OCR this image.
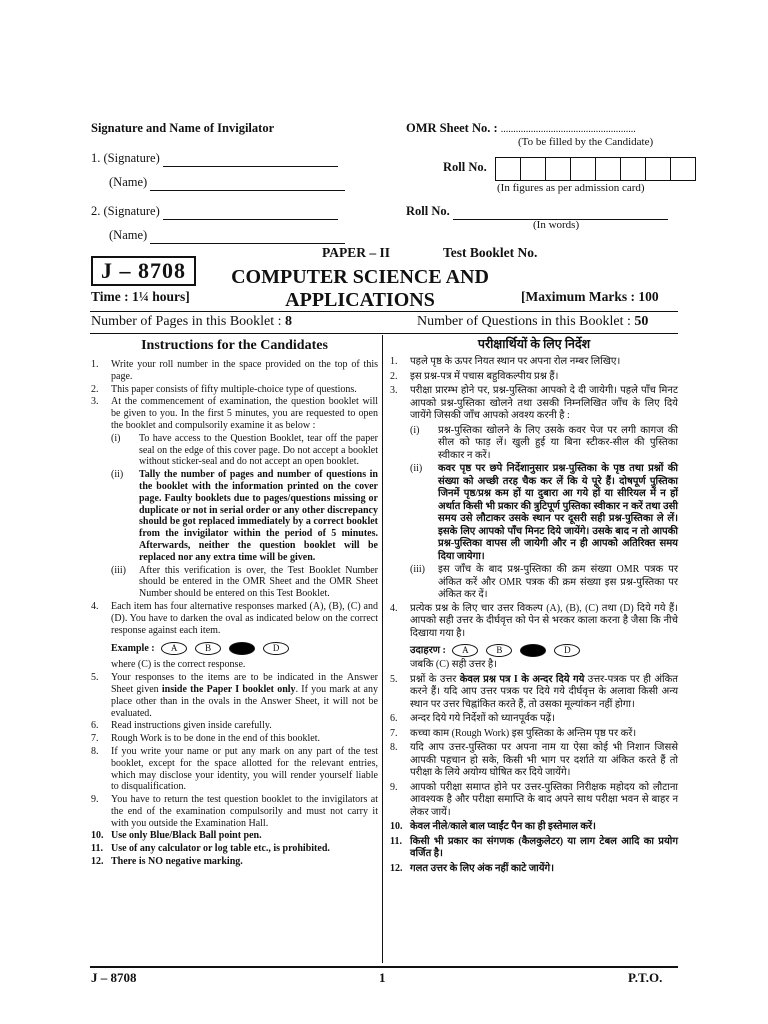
Signature and Name of Invigilator
1. (Signature)
(Name)
2. (Signature)
(Name)
OMR Sheet No. : ......................................................
(To be filled by the Candidate)
Roll No.
(In figures as per admission card)
Roll No.
(In words)
PAPER – II	Test Booklet No.
J – 8708	COMPUTER SCIENCE AND
APPLICATIONS
Time : 1¼ hours]	[Maximum Marks : 100
Number of Pages in this Booklet : 8	Number of Questions in this Booklet : 50
Instructions for the Candidates
1.	Write your roll number in the space provided on the top of this page.
2.	This paper consists of fifty multiple-choice type of questions.
3.	At the commencement of examination, the question booklet will be given to you. In the first 5 minutes, you are requested to open the booklet and compulsorily examine it as below :
(i)	To have access to the Question Booklet, tear off the paper seal on the edge of this cover page. Do not accept a booklet without sticker-seal and do not accept an open booklet.
(ii)	Tally the number of pages and number of questions in the booklet with the information printed on the cover page. Faulty booklets due to pages/questions missing or duplicate or not in serial order or any other discrepancy should be got replaced immediately by a correct booklet from the invigilator within the period of 5 minutes. Afterwards, neither the question booklet will be replaced nor any extra time will be given.
(iii)	After this verification is over, the Test Booklet Number should be entered in the OMR Sheet and the OMR Sheet Number should be entered on this Test Booklet.
4.	Each item has four alternative responses marked (A), (B), (C) and (D). You have to darken the oval as indicated below on the correct response against each item.
Example : A	B	D
where (C) is the correct response.
5.	Your responses to the items are to be indicated in the Answer Sheet given inside the Paper I booklet only. If you mark at any place other than in the ovals in the Answer Sheet, it will not be evaluated.
6.	Read instructions given inside carefully.
7.	Rough Work is to be done in the end of this booklet.
8.	If you write your name or put any mark on any part of the test booklet, except for the space allotted for the relevant entries, which may disclose your identity, you will render yourself liable to disqualification.
9.	You have to return the test question booklet to the invigilators at the end of the examination compulsorily and must not carry it with you outside the Examination Hall.
10. Use only Blue/Black Ball point pen.
11. Use of any calculator or log table etc., is prohibited.
12. There is NO negative marking.
परीक्षार्थियों के लिए निर्देश
1.	पहले पृष्ठ के ऊपर नियत स्थान पर अपना रोल नम्बर लिखिए।
2.	इस प्रश्न-पत्र में पचास बहुविकल्पीय प्रश्न हैं।
3.	परीक्षा प्रारम्भ होने पर, प्रश्न-पुस्तिका आपको दे दी जायेगी। पहले पाँच मिनट आपको प्रश्न-पुस्तिका खोलने तथा उसकी निम्नलिखित जाँच के लिए दिये जायेंगे जिसकी जाँच आपको अवश्य करनी है :
(i)	प्रश्न-पुस्तिका खोलने के लिए उसके कवर पेज पर लगी कागज की सील को फाड़ लें। खुली हुई या बिना स्टीकर-सील की पुस्तिका स्वीकार न करें।
(ii)	कवर पृष्ठ पर छपे निर्देशानुसार प्रश्न-पुस्तिका के पृष्ठ तथा प्रश्नों की संख्या को अच्छी तरह चैक कर लें कि ये पूरे हैं। दोषपूर्ण पुस्तिका जिनमें पृष्ठ/प्रश्न कम हों या दुबारा आ गये हों या सीरियल में न हों अर्थात किसी भी प्रकार की त्रुटिपूर्ण पुस्तिका स्वीकार न करें तथा उसी समय उसे लौटाकर उसके स्थान पर दूसरी सही प्रश्न-पुस्तिका ले लें। इसके लिए आपको पाँच मिनट दिये जायेंगे। उसके बाद न तो आपकी प्रश्न-पुस्तिका वापस ली जायेगी और न ही आपको अतिरिक्त समय दिया जायेगा।
(iii)	इस जाँच के बाद प्रश्न-पुस्तिका की क्रम संख्या OMR पत्रक पर अंकित करें और OMR पत्रक की क्रम संख्या इस प्रश्न-पुस्तिका पर अंकित कर दें।
4.	प्रत्येक प्रश्न के लिए चार उत्तर विकल्प (A), (B), (C) तथा (D) दिये गये हैं। आपको सही उत्तर के दीर्घवृत्त को पेन से भरकर काला करना है जैसा कि नीचे दिखाया गया है।
उदाहरण : A	B	D
जबकि (C) सही उत्तर है।
5.	प्रश्नों के उत्तर केवल प्रश्न पत्र I के अन्दर दिये गये उत्तर-पत्रक पर ही अंकित करने हैं। यदि आप उत्तर पत्रक पर दिये गये दीर्घवृत्त के अलावा किसी अन्य स्थान पर उत्तर चिह्नांकित करते हैं, तो उसका मूल्यांकन नहीं होगा।
6.	अन्दर दिये गये निर्देशों को ध्यानपूर्वक पढ़ें।
7.	कच्चा काम (Rough Work) इस पुस्तिका के अन्तिम पृष्ठ पर करें।
8.	यदि आप उत्तर-पुस्तिका पर अपना नाम या ऐसा कोई भी निशान जिससे आपकी पहचान हो सके, किसी भी भाग पर दर्शाते या अंकित करते हैं तो परीक्षा के लिये अयोग्य घोषित कर दिये जायेंगे।
9.	आपको परीक्षा समाप्त होने पर उत्तर-पुस्तिका निरीक्षक महोदय को लौटाना आवश्यक है और परीक्षा समाप्ति के बाद अपने साथ परीक्षा भवन से बाहर न लेकर जायें।
10. केवल नीले/काले बाल प्वाईंट पैन का ही इस्तेमाल करें।
11. किसी भी प्रकार का संगणक (कैलकुलेटर) या लाग टेबल आदि का प्रयोग वर्जित है।
12. गलत उत्तर के लिए अंक नहीं काटे जायेंगे।
J – 8708	1	P.T.O.
